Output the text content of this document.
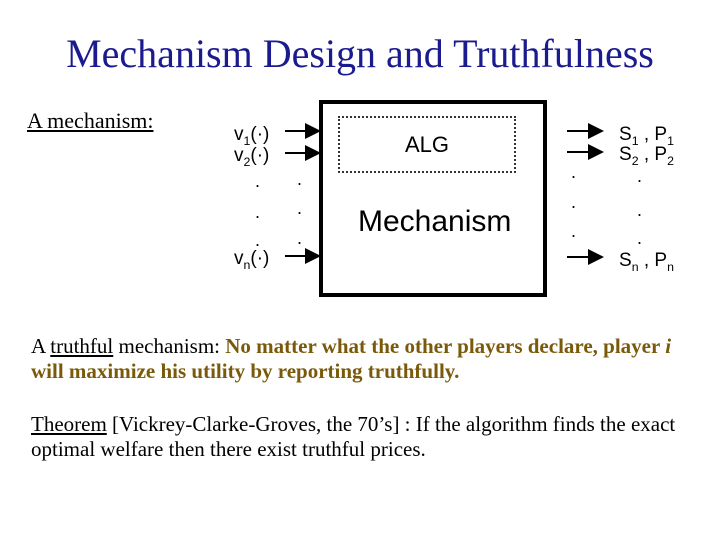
Mechanism Design and Truthfulness
A mechanism:
$v_1(\cdot)$
$v_2(\cdot)$
.
.
.
$v_n(\cdot)$
.
.
.
ALG
Mechanism
.
.
.
$S_1$ , $P_1$
$S_2$ , $P_2$
.
.
.
$S_n$ , $P_n$
A truthful mechanism: No matter what the other players declare, player i will maximize his utility by reporting truthfully.
Theorem [Vickrey-Clarke-Groves, the 70’s] : If the algorithm finds the exact optimal welfare then there exist truthful prices.
